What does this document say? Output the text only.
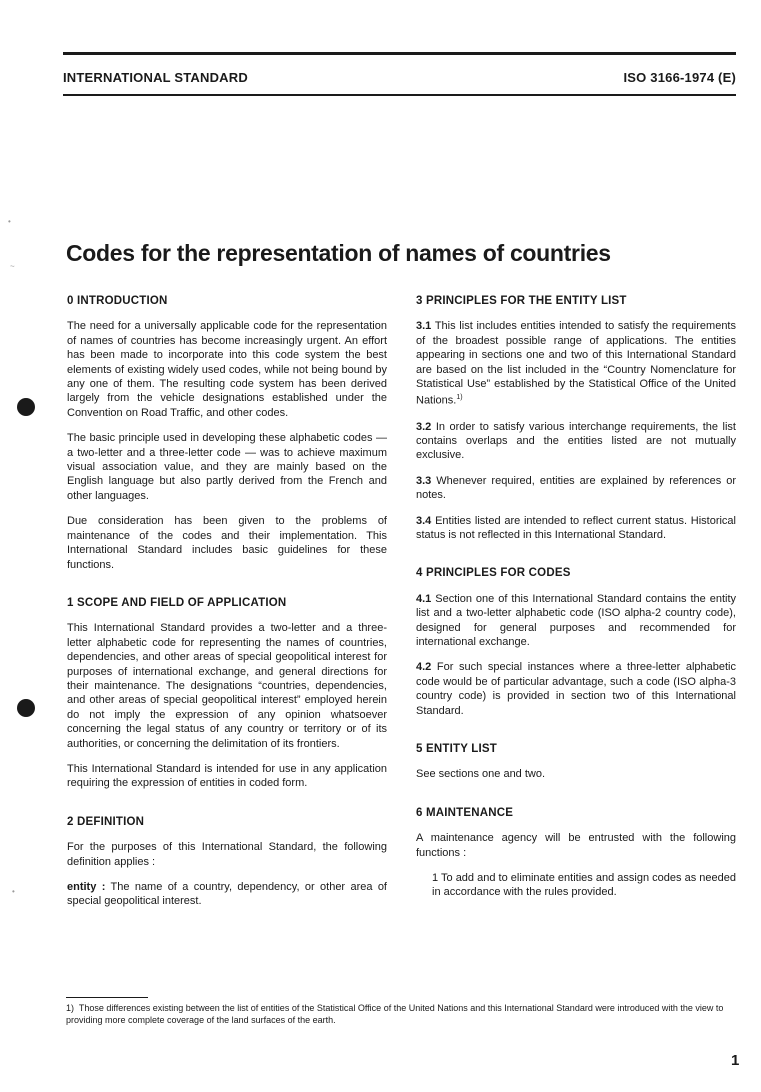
INTERNATIONAL STANDARD	ISO 3166-1974 (E)
•
~
•
Codes for the representation of names of countries
0 INTRODUCTION

The need for a universally applicable code for the representation of names of countries has become increasingly urgent. An effort has been made to incorporate into this code system the best elements of existing widely used codes, while not being bound by any one of them. The resulting code system has been derived largely from the vehicle designations established under the Convention on Road Traffic, and other codes.

The basic principle used in developing these alphabetic codes — a two-letter and a three-letter code — was to achieve maximum visual association value, and they are mainly based on the English language but also partly derived from the French and other languages.

Due consideration has been given to the problems of maintenance of the codes and their implementation. This International Standard includes basic guidelines for these functions.

1 SCOPE AND FIELD OF APPLICATION

This International Standard provides a two-letter and a three-letter alphabetic code for representing the names of countries, dependencies, and other areas of special geopolitical interest for purposes of international exchange, and general directions for their maintenance. The designations “countries, dependencies, and other areas of special geopolitical interest” employed herein do not imply the expression of any opinion whatsoever concerning the legal status of any country or territory or of its authorities, or concerning the delimitation of its frontiers.

This International Standard is intended for use in any application requiring the expression of entities in coded form.

2 DEFINITION

For the purposes of this International Standard, the following definition applies :

entity : The name of a country, dependency, or other area of special geopolitical interest.

3 PRINCIPLES FOR THE ENTITY LIST

3.1 This list includes entities intended to satisfy the requirements of the broadest possible range of applications. The entities appearing in sections one and two of this International Standard are based on the list included in the “Country Nomenclature for Statistical Use” established by the Statistical Office of the United Nations.$^{1)}$

3.2 In order to satisfy various interchange requirements, the list contains overlaps and the entities listed are not mutually exclusive.

3.3 Whenever required, entities are explained by references or notes.

3.4 Entities listed are intended to reflect current status. Historical status is not reflected in this International Standard.

4 PRINCIPLES FOR CODES

4.1 Section one of this International Standard contains the entity list and a two-letter alphabetic code (ISO alpha-2 country code), designed for general purposes and recommended for international exchange.

4.2 For such special instances where a three-letter alphabetic code would be of particular advantage, such a code (ISO alpha-3 country code) is provided in section two of this International Standard.

5 ENTITY LIST

See sections one and two.

6 MAINTENANCE

A maintenance agency will be entrusted with the following functions :

1 To add and to eliminate entities and assign codes as needed in accordance with the rules provided.

1) Those differences existing between the list of entities of the Statistical Office of the United Nations and this International Standard were introduced with the view to providing more complete coverage of the land surfaces of the earth.
1
